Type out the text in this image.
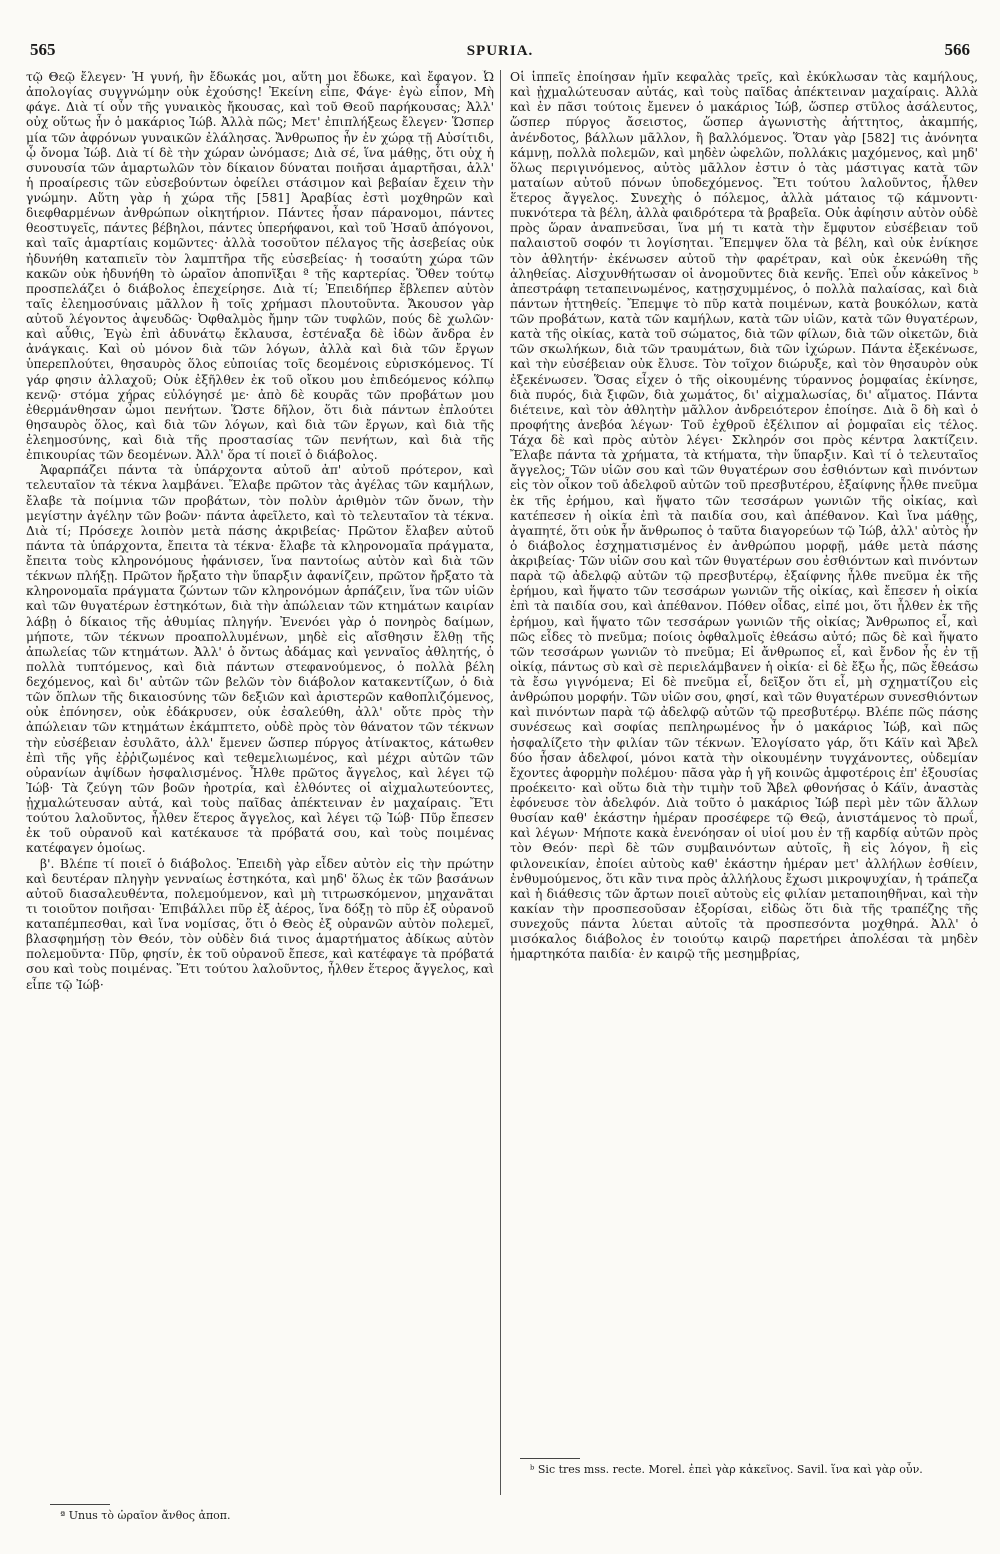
565	SPURIA.	566

τῷ Θεῷ ἔλεγεν· Ἡ γυνή, ἣν ἔδωκάς μοι, αὕτη μοι ἔδωκε, καὶ ἔφαγον. Ὦ ἀπολογίας συγγνώμην οὐκ ἐχούσης! Ἐκείνη εἶπε, Φάγε· ἐγὼ εἶπον, Μὴ φάγε. Διὰ τί οὖν τῆς γυναικὸς ἤκουσας, καὶ τοῦ Θεοῦ παρήκουσας; Ἀλλ' οὐχ οὕτως ἦν ὁ μακάριος Ἰώβ. Ἀλλὰ πῶς; Μετ' ἐπιπλήξεως ἔλεγεν· Ὥσπερ μία τῶν ἀφρόνων γυναικῶν ἐλάλησας. Ἄνθρωπος ἦν ἐν χώρᾳ τῇ Αὐσίτιδι, ᾧ ὄνομα Ἰώβ. Διὰ τί δὲ τὴν χώραν ὠνόμασε; Διὰ σέ, ἵνα μάθῃς, ὅτι οὐχ ἡ συνουσία τῶν ἁμαρτωλῶν τὸν δίκαιον δύναται ποιῆσαι ἁμαρτῆσαι, ἀλλ' ἡ προαίρεσις τῶν εὐσεβούντων ὀφείλει στάσιμον καὶ βεβαίαν ἔχειν τὴν γνώμην. Αὕτη γὰρ ἡ χώρα τῆς [581] Ἀραβίας ἐστὶ μοχθηρῶν καὶ διεφθαρμένων ἀνθρώπων οἰκητήριον. Πάντες ἦσαν πάρανομοι, πάντες θεοστυγεῖς, πάντες βέβηλοι, πάντες ὑπερήφανοι, καὶ τοῦ Ἠσαῦ ἀπόγονοι, καὶ ταῖς ἁμαρτίαις κομῶντες· ἀλλὰ τοσοῦτον πέλαγος τῆς ἀσεβείας οὐκ ἠδυνήθη καταπιεῖν τὸν λαμπτῆρα τῆς εὐσεβείας· ἡ τοσαύτη χώρα τῶν κακῶν οὐκ ἠδυνήθη τὸ ὡραῖον ἀποπνῖξαι ª τῆς καρτερίας. Ὅθεν τούτῳ προσπελάζει ὁ διάβολος ἐπεχείρησε. Διὰ τί; Ἐπειδήπερ ἔβλεπεν αὐτὸν ταῖς ἐλεημοσύναις μᾶλλον ἢ τοῖς χρήμασι πλουτοῦντα. Ἄκουσον γὰρ αὐτοῦ λέγοντος ἀψευδῶς· Ὀφθαλμὸς ἤμην τῶν τυφλῶν, πούς δὲ χωλῶν· καὶ αὖθις, Ἐγὼ ἐπὶ ἀδυνάτῳ ἔκλαυσα, ἐστέναξα δὲ ἰδὼν ἄνδρα ἐν ἀνάγκαις. Καὶ οὐ μόνον διὰ τῶν λόγων, ἀλλὰ καὶ διὰ τῶν ἔργων ὑπερεπλούτει, θησαυρὸς ὅλος εὐποιίας τοῖς δεομένοις εὑρισκόμενος. Τί γάρ φησιν ἀλλαχοῦ; Οὐκ ἐξῆλθεν ἐκ τοῦ οἴκου μου ἐπιδεόμενος κόλπῳ κενῷ· στόμα χήρας εὐλόγησέ με· ἀπὸ δὲ κουρᾶς τῶν προβάτων μου ἐθερμάνθησαν ὦμοι πενήτων. Ὥστε δῆλον, ὅτι διὰ πάντων ἐπλούτει θησαυρὸς ὅλος, καὶ διὰ τῶν λόγων, καὶ διὰ τῶν ἔργων, καὶ διὰ τῆς ἐλεημοσύνης, καὶ διὰ τῆς προστασίας τῶν πενήτων, καὶ διὰ τῆς ἐπικουρίας τῶν δεομένων. Ἀλλ' ὅρα τί ποιεῖ ὁ διάβολος.

Ἁφαρπάζει πάντα τὰ ὑπάρχοντα αὐτοῦ ἀπ' αὐτοῦ πρότερον, καὶ τελευταῖον τὰ τέκνα λαμβάνει. Ἔλαβε πρῶτον τὰς ἀγέλας τῶν καμήλων, ἔλαβε τὰ ποίμνια τῶν προβάτων, τὸν πολὺν ἀριθμὸν τῶν ὄνων, τὴν μεγίστην ἀγέλην τῶν βοῶν· πάντα ἀφεῖλετο, καὶ τὸ τελευταῖον τὰ τέκνα. Διὰ τί; Πρόσεχε λοιπὸν μετὰ πάσης ἀκριβείας· Πρῶτον ἔλαβεν αὐτοῦ πάντα τὰ ὑπάρχοντα, ἔπειτα τὰ τέκνα· ἔλαβε τὰ κληρονομαῖα πράγματα, ἔπειτα τοὺς κληρονόμους ἠφάνισεν, ἵνα παντοίως αὐτὸν καὶ διὰ τῶν τέκνων πλήξῃ. Πρῶτον ἤρξατο τὴν ὕπαρξιν ἀφανίζειν, πρῶτον ἤρξατο τὰ κληρονομαῖα πράγματα ζώντων τῶν κληρονόμων ἁρπάζειν, ἵνα τῶν υἱῶν καὶ τῶν θυγατέρων ἐστηκότων, διὰ τὴν ἀπώλειαν τῶν κτημάτων καιρίαν λάβῃ ὁ δίκαιος τῆς ἀθυμίας πληγήν. Ἐνενόει γὰρ ὁ πονηρὸς δαίμων, μήποτε, τῶν τέκνων προαπολλυμένων, μηδὲ εἰς αἴσθησιν ἔλθῃ τῆς ἀπωλείας τῶν κτημάτων. Ἀλλ' ὁ ὄντως ἀδάμας καὶ γενναῖος ἀθλητής, ὁ πολλὰ τυπτόμενος, καὶ διὰ πάντων στεφανούμενος, ὁ πολλὰ βέλη δεχόμενος, καὶ δι' αὐτῶν τῶν βελῶν τὸν διάβολον κατακεντίζων, ὁ διὰ τῶν ὅπλων τῆς δικαιοσύνης τῶν δεξιῶν καὶ ἀριστερῶν καθοπλιζόμενος, οὐκ ἐπόνησεν, οὐκ ἐδάκρυσεν, οὐκ ἐσαλεύθη, ἀλλ' οὔτε πρὸς τὴν ἀπώλειαν τῶν κτημάτων ἐκάμπτετο, οὐδὲ πρὸς τὸν θάνατον τῶν τέκνων τὴν εὐσέβειαν ἐσυλᾶτο, ἀλλ' ἔμενεν ὥσπερ πύργος ἀτίνακτος, κάτωθεν ἐπὶ τῆς γῆς ἐῤῥιζωμένος καὶ τεθεμελιωμένος, καὶ μέχρι αὐτῶν τῶν οὐρανίων ἀψίδων ἠσφαλισμένος. Ἦλθε πρῶτος ἄγγελος, καὶ λέγει τῷ Ἰώβ· Τὰ ζεύγη τῶν βοῶν ἠροτρία, καὶ ἐλθόντες οἱ αἰχμαλωτεύοντες, ᾐχμαλώτευσαν αὐτά, καὶ τοὺς παῖδας ἀπέκτειναν ἐν μαχαίραις. Ἔτι τούτου λαλοῦντος, ἦλθεν ἕτερος ἄγγελος, καὶ λέγει τῷ Ἰώβ· Πῦρ ἔπεσεν ἐκ τοῦ οὐρανοῦ καὶ κατέκαυσε τὰ πρόβατά σου, καὶ τοὺς ποιμένας κατέφαγεν ὁμοίως.

β'. Βλέπε τί ποιεῖ ὁ διάβολος. Ἐπειδὴ γὰρ εἶδεν αὐτὸν εἰς τὴν πρώτην καὶ δευτέραν πληγὴν γενναίως ἑστηκότα, καὶ μηδ' ὅλως ἐκ τῶν βασάνων αὐτοῦ διασαλευθέντα, πολεμούμενον, καὶ μὴ τιτρωσκόμενον, μηχανᾶται τι τοιοῦτον ποιῆσαι· Ἐπιβάλλει πῦρ ἐξ ἀέρος, ἵνα δόξῃ τὸ πῦρ ἐξ οὐρανοῦ καταπέμπεσθαι, καὶ ἵνα νομίσας, ὅτι ὁ Θεὸς ἐξ οὐρανῶν αὐτὸν πολεμεῖ, βλασφημήσῃ τὸν Θεόν, τὸν οὐδὲν διά τινος ἁμαρτήματος ἀδίκως αὐτὸν πολεμοῦντα· Πῦρ, φησίν, ἐκ τοῦ οὐρανοῦ ἔπεσε, καὶ κατέφαγε τὰ πρόβατά σου καὶ τοὺς ποιμένας. Ἔτι τούτου λαλοῦντος, ἦλθεν ἕτερος ἄγγελος, καὶ εἶπε τῷ Ἰώβ·

Οἱ ἱππεῖς ἐποίησαν ἡμῖν κεφαλὰς τρεῖς, καὶ ἐκύκλωσαν τὰς καμήλους, καὶ ᾐχμαλώτευσαν αὐτάς, καὶ τοὺς παῖδας ἀπέκτειναν μαχαίραις. Ἀλλὰ καὶ ἐν πᾶσι τούτοις ἔμενεν ὁ μακάριος Ἰώβ, ὥσπερ στῦλος ἀσάλευτος, ὥσπερ πύργος ἄσειστος, ὥσπερ ἀγωνιστὴς ἀήττητος, ἀκαμπής, ἀνένδοτος, βάλλων μᾶλλον, ἢ βαλλόμενος. Ὅταν γὰρ [582] τις ἀνόνητα κάμνῃ, πολλὰ πολεμῶν, καὶ μηδὲν ὠφελῶν, πολλάκις μαχόμενος, καὶ μηδ' ὅλως περιγινόμενος, αὐτὸς μᾶλλον ἐστιν ὁ τὰς μάστιγας κατὰ τῶν ματαίων αὐτοῦ πόνων ὑποδεχόμενος. Ἔτι τούτου λαλοῦντος, ἦλθεν ἕτερος ἄγγελος. Συνεχὴς ὁ πόλεμος, ἀλλὰ μάταιος τῷ κάμνοντι· πυκνότερα τὰ βέλη, ἀλλὰ φαιδρότερα τὰ βραβεῖα. Οὐκ ἀφίησιν αὐτὸν οὐδὲ πρὸς ὥραν ἀναπνεῦσαι, ἵνα μή τι κατὰ τὴν ἔμφυτον εὐσέβειαν τοῦ παλαιστοῦ σοφόν τι λογίσηται. Ἔπεμψεν ὅλα τὰ βέλη, καὶ οὐκ ἐνίκησε τὸν ἀθλητήν· ἐκένωσεν αὐτοῦ τὴν φαρέτραν, καὶ οὐκ ἐκενώθη τῆς ἀληθείας. Αἰσχυνθήτωσαν οἱ ἀνομοῦντες διὰ κενῆς. Ἐπεὶ οὖν κἀκεῖνος ᵇ ἀπεστράφη τεταπεινωμένος, κατῃσχυμμένος, ὁ πολλὰ παλαίσας, καὶ διὰ πάντων ἡττηθείς. Ἔπεμψε τὸ πῦρ κατὰ ποιμένων, κατὰ βουκόλων, κατὰ τῶν προβάτων, κατὰ τῶν καμήλων, κατὰ τῶν υἱῶν, κατὰ τῶν θυγατέρων, κατὰ τῆς οἰκίας, κατὰ τοῦ σώματος, διὰ τῶν φίλων, διὰ τῶν οἰκετῶν, διὰ τῶν σκωλήκων, διὰ τῶν τραυμάτων, διὰ τῶν ἰχώρων. Πάντα ἐξεκένωσε, καὶ τὴν εὐσέβειαν οὐκ ἔλυσε. Τὸν τοῖχον διώρυξε, καὶ τὸν θησαυρὸν οὐκ ἐξεκένωσεν. Ὅσας εἶχεν ὁ τῆς οἰκουμένης τύραννος ῥομφαίας ἐκίνησε, διὰ πυρός, διὰ ξιφῶν, διὰ χωμάτος, δι' αἰχμαλωσίας, δι' αἵματος. Πάντα διέτεινε, καὶ τὸν ἀθλητὴν μᾶλλον ἀνδρειότερον ἐποίησε. Διὰ ὃ δὴ καὶ ὁ προφήτης ἀνεβόα λέγων· Τοῦ ἐχθροῦ ἐξέλιπον αἱ ῥομφαῖαι εἰς τέλος. Τάχα δὲ καὶ πρὸς αὐτὸν λέγει· Σκληρόν σοι πρὸς κέντρα λακτίζειν. Ἔλαβε πάντα τὰ χρήματα, τὰ κτήματα, τὴν ὕπαρξιν. Καὶ τί ὁ τελευταῖος ἄγγελος; Τῶν υἱῶν σου καὶ τῶν θυγατέρων σου ἐσθιόντων καὶ πινόντων εἰς τὸν οἶκον τοῦ ἀδελφοῦ αὐτῶν τοῦ πρεσβυτέρου, ἐξαίφνης ἦλθε πνεῦμα ἐκ τῆς ἐρήμου, καὶ ἥψατο τῶν τεσσάρων γωνιῶν τῆς οἰκίας, καὶ κατέπεσεν ἡ οἰκία ἐπὶ τὰ παιδία σου, καὶ ἀπέθανον. Καὶ ἵνα μάθῃς, ἀγαπητέ, ὅτι οὐκ ἦν ἄνθρωπος ὁ ταῦτα διαγορεύων τῷ Ἰώβ, ἀλλ' αὐτὸς ἦν ὁ διάβολος ἐσχηματισμένος ἐν ἀνθρώπου μορφῇ, μάθε μετὰ πάσης ἀκριβείας· Τῶν υἱῶν σου καὶ τῶν θυγατέρων σου ἐσθιόντων καὶ πινόντων παρὰ τῷ ἀδελφῷ αὐτῶν τῷ πρεσβυτέρῳ, ἐξαίφνης ἦλθε πνεῦμα ἐκ τῆς ἐρήμου, καὶ ἥψατο τῶν τεσσάρων γωνιῶν τῆς οἰκίας, καὶ ἔπεσεν ἡ οἰκία ἐπὶ τὰ παιδία σου, καὶ ἀπέθανον. Πόθεν οἶδας, εἰπέ μοι, ὅτι ἦλθεν ἐκ τῆς ἐρήμου, καὶ ἥψατο τῶν τεσσάρων γωνιῶν τῆς οἰκίας; Ἄνθρωπος εἶ, καὶ πῶς εἶδες τὸ πνεῦμα; ποίοις ὀφθαλμοῖς ἐθεάσω αὐτό; πῶς δὲ καὶ ἥψατο τῶν τεσσάρων γωνιῶν τὸ πνεῦμα; Εἰ ἄνθρωπος εἶ, καὶ ἔνδον ἦς ἐν τῇ οἰκίᾳ, πάντως σὺ καὶ σὲ περιελάμβανεν ἡ οἰκία· εἰ δὲ ἔξω ἦς, πῶς ἔθεάσω τὰ ἔσω γιγνόμενα; Εἰ δὲ πνεῦμα εἶ, δεῖξον ὅτι εἶ, μὴ σχηματίζου εἰς ἀνθρώπου μορφήν. Τῶν υἱῶν σου, φησί, καὶ τῶν θυγατέρων συνεσθιόντων καὶ πινόντων παρὰ τῷ ἀδελφῷ αὐτῶν τῷ πρεσβυτέρῳ. Βλέπε πῶς πάσης συνέσεως καὶ σοφίας πεπληρωμένος ἦν ὁ μακάριος Ἰώβ, καὶ πῶς ἠσφαλίζετο τὴν φιλίαν τῶν τέκνων. Ἐλογίσατο γάρ, ὅτι Κάϊν καὶ Ἄβελ δύο ἦσαν ἀδελφοί, μόνοι κατὰ τὴν οἰκουμένην τυγχάνοντες, οὐδεμίαν ἔχοντες ἀφορμὴν πολέμου· πᾶσα γὰρ ἡ γῆ κοινῶς ἀμφοτέροις ἐπ' ἐξουσίας προέκειτο· καὶ οὕτω διὰ τὴν τιμὴν τοῦ Ἄβελ φθονήσας ὁ Κάϊν, ἀναστὰς ἐφόνευσε τὸν ἀδελφόν. Διὰ τοῦτο ὁ μακάριος Ἰώβ περὶ μὲν τῶν ἄλλων θυσίαν καθ' ἑκάστην ἡμέραν προσέφερε τῷ Θεῷ, ἀνιστάμενος τὸ πρωΐ, καὶ λέγων· Μήποτε κακὰ ἐνενόησαν οἱ υἱοί μου ἐν τῇ καρδίᾳ αὐτῶν πρὸς τὸν Θεόν· περὶ δὲ τῶν συμβαινόντων αὐτοῖς, ἢ εἰς λόγον, ἢ εἰς φιλονεικίαν, ἐποίει αὐτοὺς καθ' ἑκάστην ἡμέραν μετ' ἀλλήλων ἐσθίειν, ἐνθυμούμενος, ὅτι κἂν τινα πρὸς ἀλλήλους ἔχωσι μικροψυχίαν, ἡ τράπεζα καὶ ἡ διάθεσις τῶν ἄρτων ποιεῖ αὐτοὺς εἰς φιλίαν μεταποιηθῆναι, καὶ τὴν κακίαν τὴν προσπεσοῦσαν ἐξορίσαι, εἰδὼς ὅτι διὰ τῆς τραπέζης τῆς συνεχοῦς πάντα λύεται αὐτοῖς τὰ προσπεσόντα μοχθηρά. Ἀλλ' ὁ μισόκαλος διάβολος ἐν τοιούτῳ καιρῷ παρετήρει ἀπολέσαι τὰ μηδὲν ἡμαρτηκότα παιδία· ἐν καιρῷ τῆς μεσημβρίας,

ª Unus τὸ ὡραῖον ἄνθος ἀποπ.
ᵇ Sic tres mss. recte. Morel. ἐπεὶ γὰρ κἀκεῖνος. Savil. ἵνα καὶ γὰρ οὖν.
